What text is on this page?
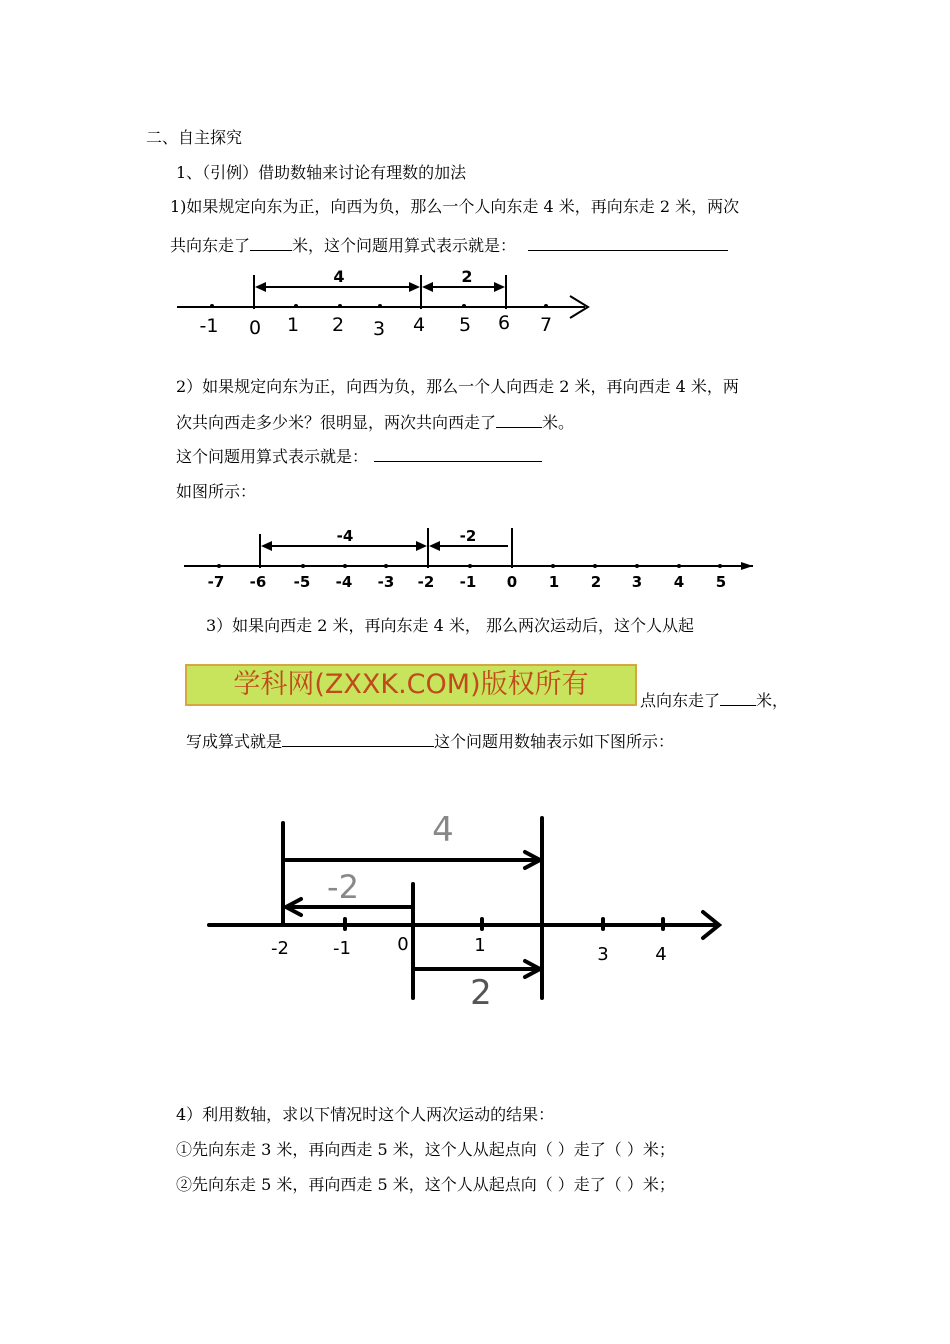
二、自主探究
1、（引例）借助数轴来讨论有理数的加法
1)如果规定向东为正，向西为负，那么一个人向东走 4 米，再向东走 2 米，两次
共向东走了	米，这个问题用算式表示就是：
4	2
-1 0 1 2 3 4 5 6 7
2）如果规定向东为正，向西为负，那么一个人向西走 2 米，再向西走 4 米，两
次共向西走多少米？很明显，两次共向西走了	米。
这个问题用算式表示就是：
如图所示：
-4	-2
-7 -6 -5 -4 -3 -2 -1 0 1 2 3 4 5
3）如果向西走 2 米，再向东走 4 米， 那么两次运动后，这个人从起
学科网(ZXXK.COM)版权所有
点向东走了 米，
写成算式就是	这个问题用数轴表示如下图所示：
4
-2
2
-2 -1	0	1	3	4
4）利用数轴，求以下情况时这个人两次运动的结果：
①先向东走 3 米，再向西走 5 米，这个人从起点向（ ）走了（ ）米；
②先向东走 5 米，再向西走 5 米，这个人从起点向（ ）走了（ ）米；
